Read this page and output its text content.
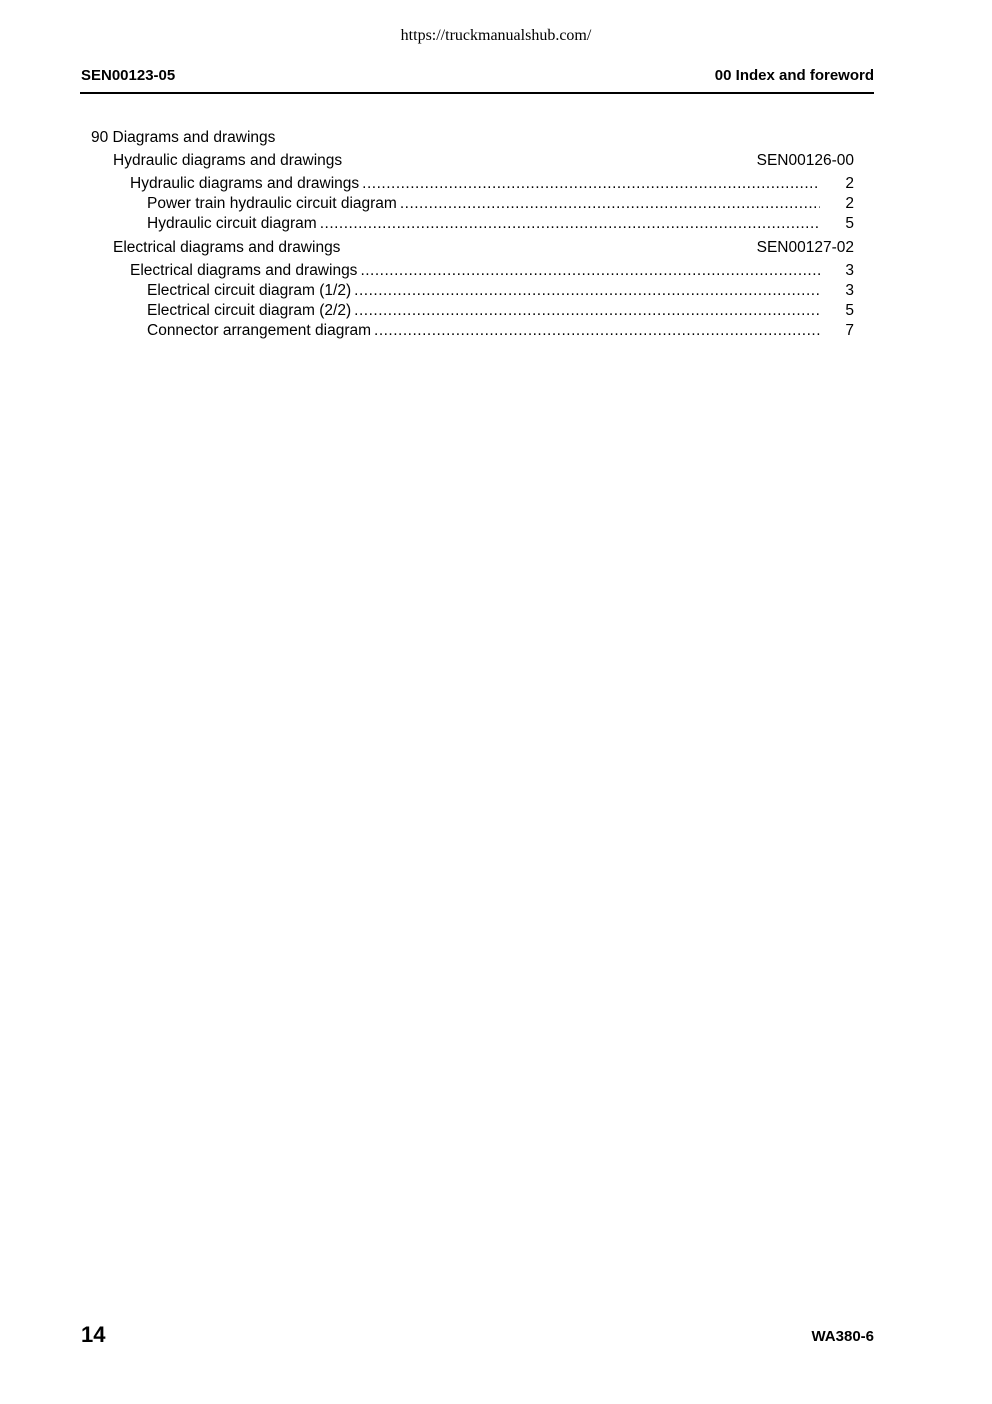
https://truckmanualshub.com/
SEN00123-05	00 Index and foreword
90 Diagrams and drawings
Hydraulic diagrams and drawings	SEN00126-00
Hydraulic diagrams and drawings .....	2
Power train hydraulic circuit diagram .....	2
Hydraulic circuit diagram .....	5
Electrical diagrams and drawings	SEN00127-02
Electrical diagrams and drawings .....	3
Electrical circuit diagram (1/2) .....	3
Electrical circuit diagram (2/2) .....	5
Connector arrangement diagram .....	7
14	WA380-6
